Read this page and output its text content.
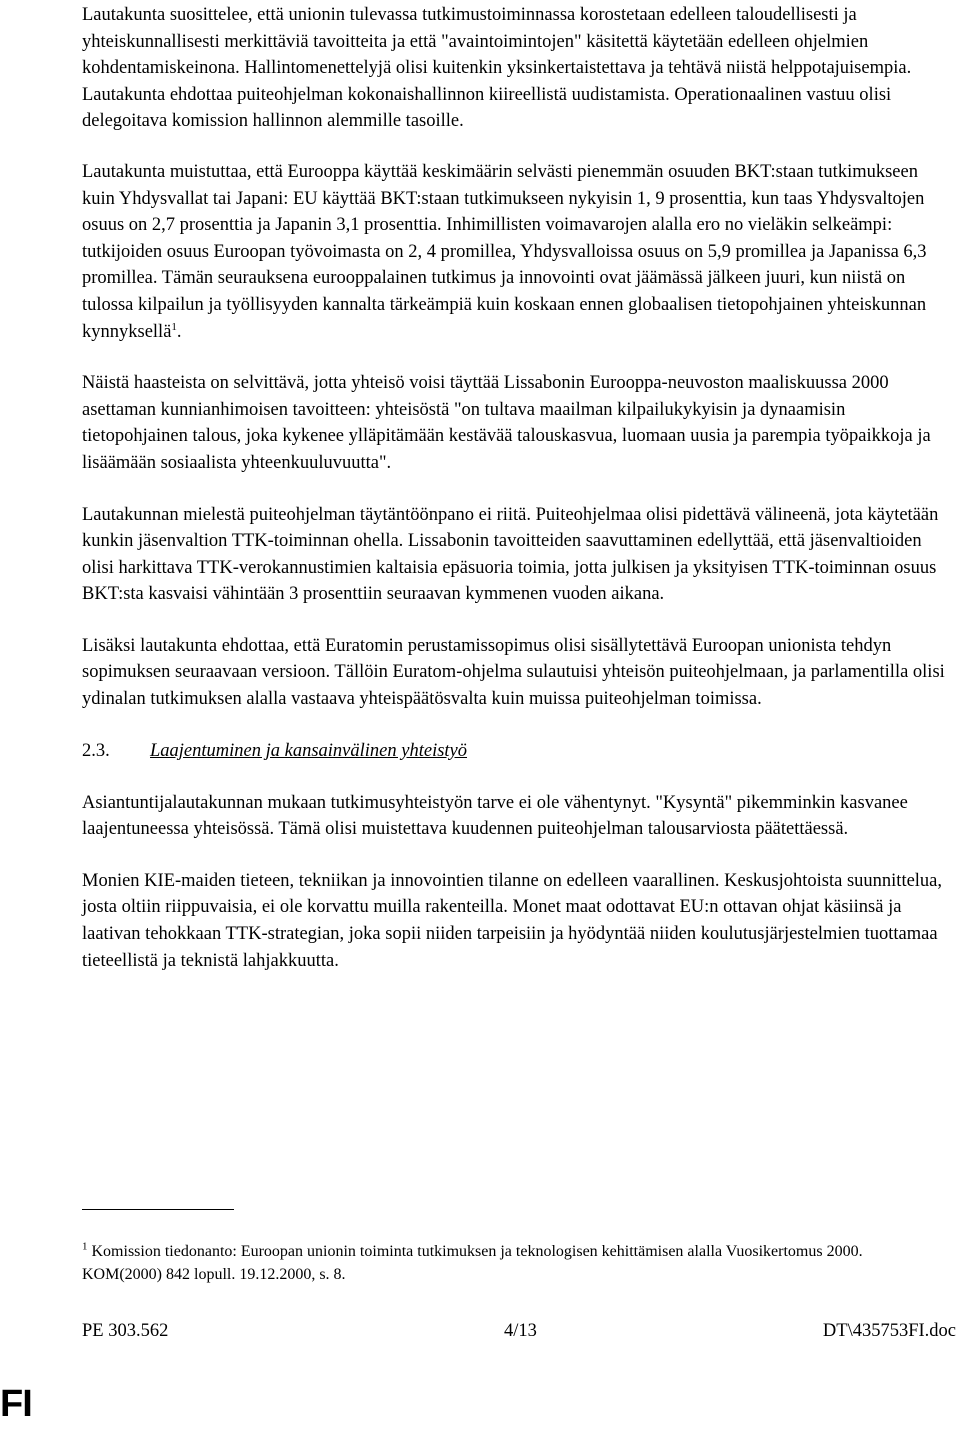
Lautakunta suosittelee, että unionin tulevassa tutkimustoiminnassa korostetaan edelleen taloudellisesti ja yhteiskunnallisesti merkittäviä tavoitteita ja että "avaintoimintojen" käsitettä käytetään edelleen ohjelmien kohdentamiskeinona. Hallintomenettelyjä olisi kuitenkin yksinkertaistettava ja tehtävä niistä helppotajuisempia. Lautakunta ehdottaa puiteohjelman kokonaishallinnon kiireellistä uudistamista. Operationaalinen vastuu olisi delegoitava komission hallinnon alemmille tasoille.

Lautakunta muistuttaa, että Eurooppa käyttää keskimäärin selvästi pienemmän osuuden BKT:staan tutkimukseen kuin Yhdysvallat tai Japani: EU käyttää BKT:staan tutkimukseen nykyisin 1, 9 prosenttia, kun taas Yhdysvaltojen osuus on 2,7 prosenttia ja Japanin 3,1 prosenttia. Inhimillisten voimavarojen alalla ero no vieläkin selkeämpi: tutkijoiden osuus Euroopan työvoimasta on 2, 4 promillea, Yhdysvalloissa osuus on 5,9 promillea ja Japanissa 6,3 promillea. Tämän seurauksena eurooppalainen tutkimus ja innovointi ovat jäämässä jälkeen juuri, kun niistä on tulossa kilpailun ja työllisyyden kannalta tärkeämpiä kuin koskaan ennen globaalisen tietopohjainen yhteiskunnan kynnyksellä$^1$.

Näistä haasteista on selvittävä, jotta yhteisö voisi täyttää Lissabonin Eurooppa-neuvoston maaliskuussa 2000 asettaman kunnianhimoisen tavoitteen: yhteisöstä "on tultava maailman kilpailukykyisin ja dynaamisin tietopohjainen talous, joka kykenee ylläpitämään kestävää talouskasvua, luomaan uusia ja parempia työpaikkoja ja lisäämään sosiaalista yhteenkuuluvuutta".

Lautakunnan mielestä puiteohjelman täytäntöönpano ei riitä. Puiteohjelmaa olisi pidettävä välineenä, jota käytetään kunkin jäsenvaltion TTK-toiminnan ohella. Lissabonin tavoitteiden saavuttaminen edellyttää, että jäsenvaltioiden olisi harkittava TTK-verokannustimien kaltaisia epäsuoria toimia, jotta julkisen ja yksityisen TTK-toiminnan osuus BKT:sta kasvaisi vähintään 3 prosenttiin seuraavan kymmenen vuoden aikana.

Lisäksi lautakunta ehdottaa, että Euratomin perustamissopimus olisi sisällytettävä Euroopan unionista tehdyn sopimuksen seuraavaan versioon. Tällöin Euratom-ohjelma sulautuisi yhteisön puiteohjelmaan, ja parlamentilla olisi ydinalan tutkimuksen alalla vastaava yhteispäätösvalta kuin muissa puiteohjelman toimissa.

2.3.	Laajentuminen ja kansainvälinen yhteistyö

Asiantuntijalautakunnan mukaan tutkimusyhteistyön tarve ei ole vähentynyt. "Kysyntä" pikemminkin kasvanee laajentuneessa yhteisössä. Tämä olisi muistettava kuudennen puiteohjelman talousarviosta päätettäessä.

Monien KIE-maiden tieteen, tekniikan ja innovointien tilanne on edelleen vaarallinen. Keskusjohtoista suunnittelua, josta oltiin riippuvaisia, ei ole korvattu muilla rakenteilla. Monet maat odottavat EU:n ottavan ohjat käsiinsä ja laativan tehokkaan TTK-strategian, joka sopii niiden tarpeisiin ja hyödyntää niiden koulutusjärjestelmien tuottamaa tieteellistä ja teknistä lahjakkuutta.

$^1$ Komission tiedonanto: Euroopan unionin toiminta tutkimuksen ja teknologisen kehittämisen alalla Vuosikertomus 2000. KOM(2000) 842 lopull. 19.12.2000, s. 8.
PE 303.562	4/13	DT\435753FI.doc
FI
